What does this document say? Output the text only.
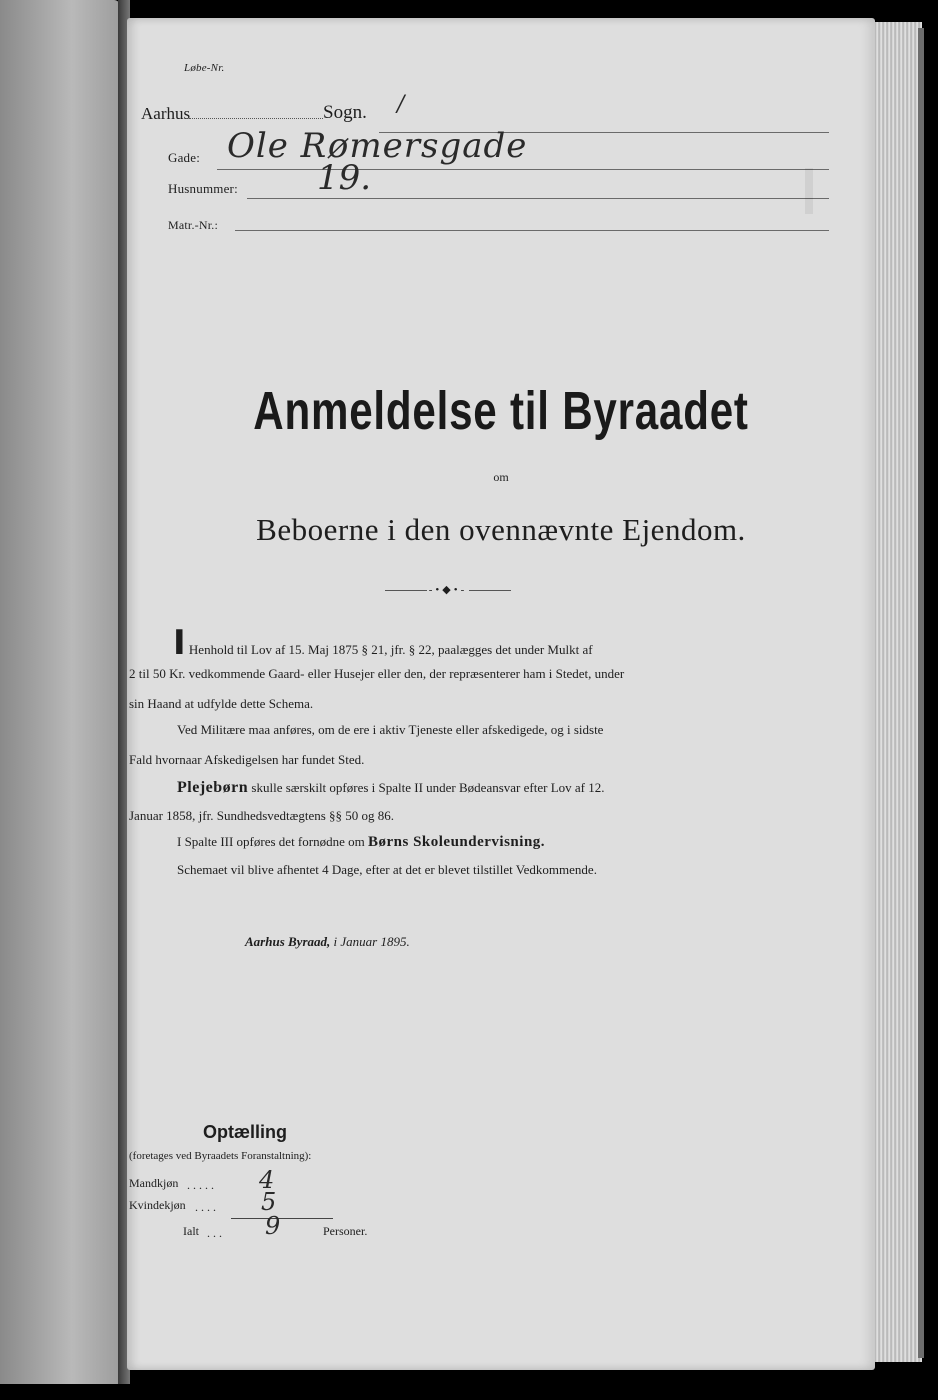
Løbe-Nr.
Aarhus	Sogn. /
Gade: Ole Rømersgade
Husnummer: 19.
Matr.-Nr.:
Anmeldelse til Byraadet
om
Beboerne i den ovennævnte Ejendom.
-•◆•-
I Henhold til Lov af 15. Maj 1875 § 21, jfr. § 22, paalægges det under Mulkt af
2 til 50 Kr. vedkommende Gaard- eller Husejer eller den, der repræsenterer ham i Stedet, under
sin Haand at udfylde dette Schema.
Ved Militære maa anføres, om de ere i aktiv Tjeneste eller afskedigede, og i sidste
Fald hvornaar Afskedigelsen har fundet Sted.
Plejebørn skulle særskilt opføres i Spalte II under Bødeansvar efter Lov af 12.
Januar 1858, jfr. Sundhedsvedtægtens §§ 50 og 86.
I Spalte III opføres det fornødne om Børns Skoleundervisning.
Schemaet vil blive afhentet 4 Dage, efter at det er blevet tilstillet Vedkommende.
Aarhus Byraad, i Januar 1895.
Optælling
(foretages ved Byraadets Foranstaltning):
Mandkjøn ..... 4
Kvindekjøn .... 5
Ialt ... 9	Personer.
